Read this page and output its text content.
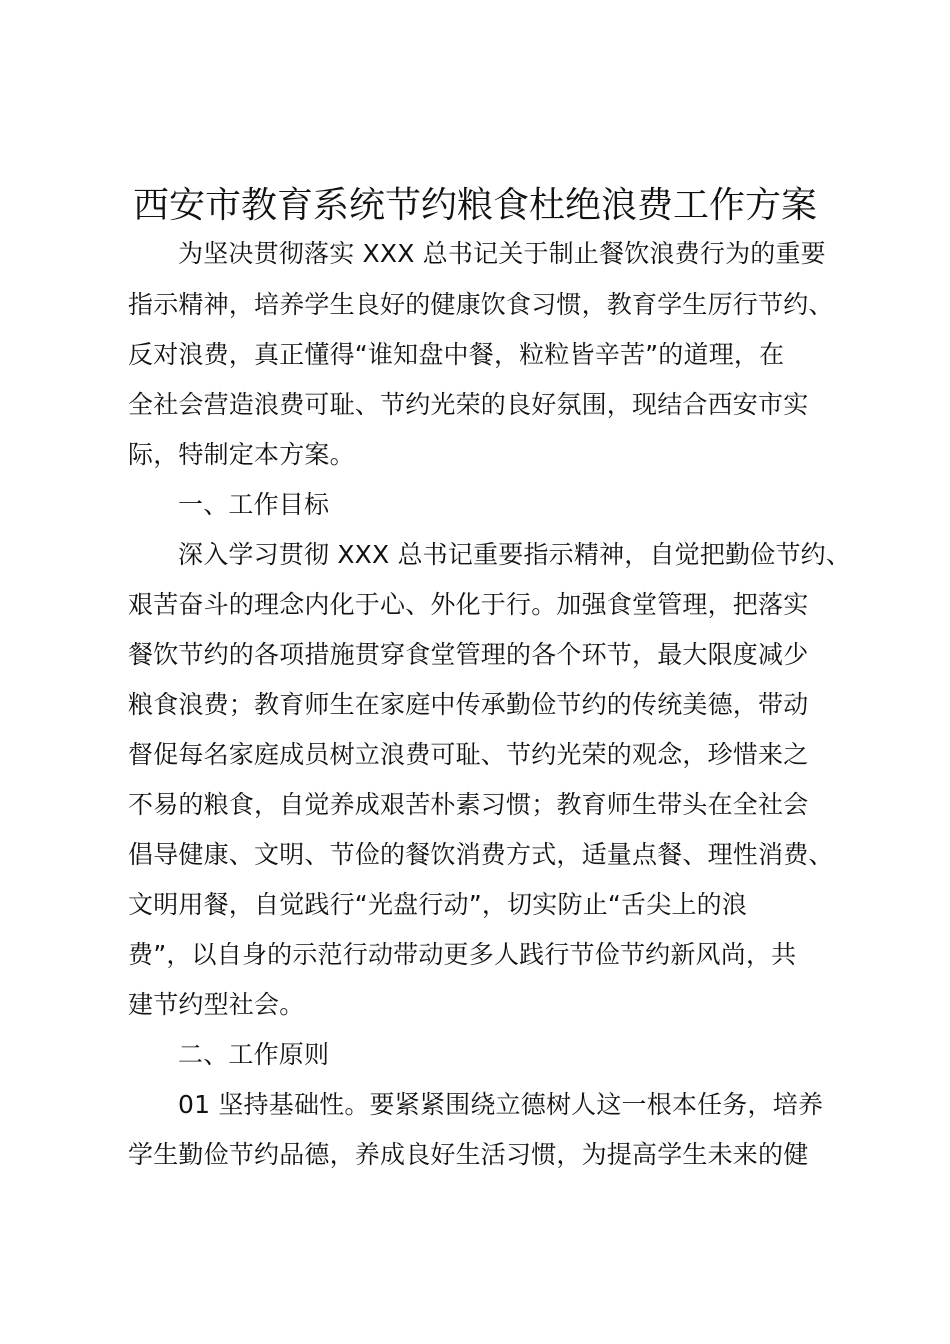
西安市教育系统节约粮食杜绝浪费工作方案
为坚决贯彻落实 XXX 总书记关于制止餐饮浪费行为的重要
指示精神，培养学生良好的健康饮食习惯，教育学生厉行节约、
反对浪费，真正懂得“谁知盘中餐，粒粒皆辛苦”的道理，在
全社会营造浪费可耻、节约光荣的良好氛围，现结合西安市实
际，特制定本方案。
一、工作目标
深入学习贯彻 XXX 总书记重要指示精神，自觉把勤俭节约、
艰苦奋斗的理念内化于心、外化于行。加强食堂管理，把落实
餐饮节约的各项措施贯穿食堂管理的各个环节，最大限度减少
粮食浪费；教育师生在家庭中传承勤俭节约的传统美德，带动
督促每名家庭成员树立浪费可耻、节约光荣的观念，珍惜来之
不易的粮食，自觉养成艰苦朴素习惯；教育师生带头在全社会
倡导健康、文明、节俭的餐饮消费方式，适量点餐、理性消费、
文明用餐，自觉践行“光盘行动”，切实防止“舌尖上的浪
费”，以自身的示范行动带动更多人践行节俭节约新风尚，共
建节约型社会。
二、工作原则
01 坚持基础性。要紧紧围绕立德树人这一根本任务，培养
学生勤俭节约品德，养成良好生活习惯，为提高学生未来的健
